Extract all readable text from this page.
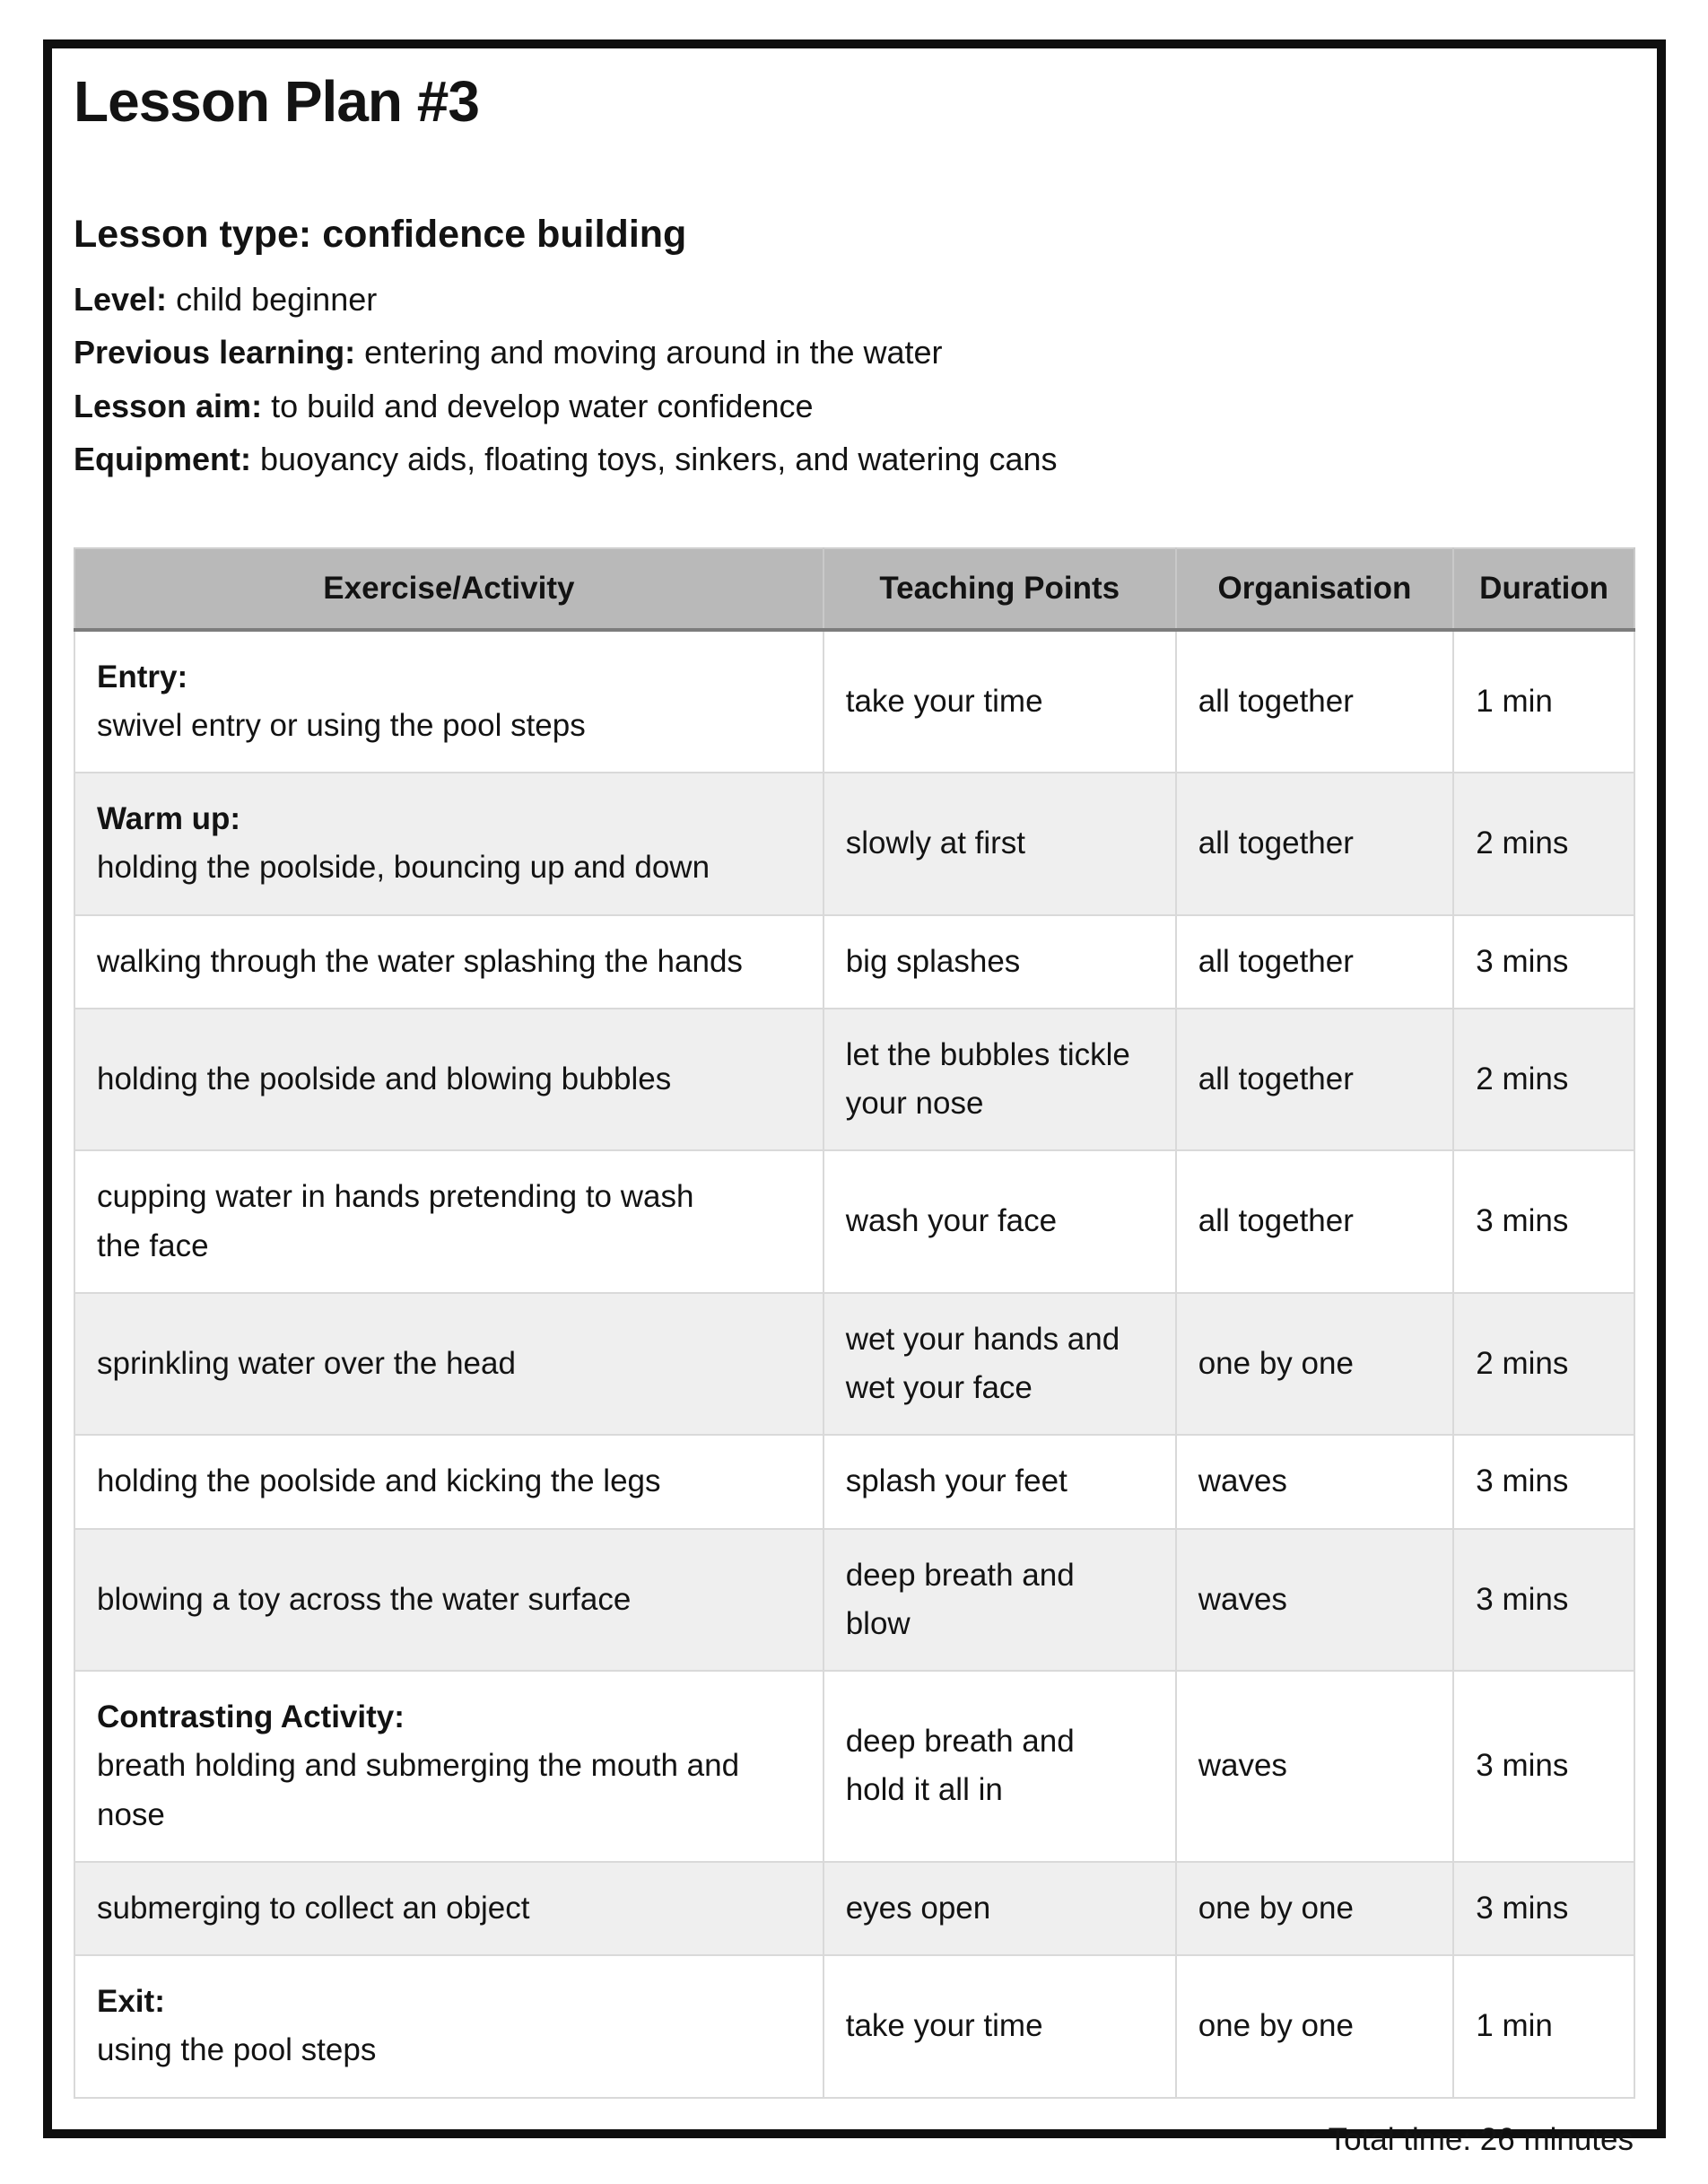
Lesson Plan #3
Lesson type: confidence building
Level: child beginner
Previous learning: entering and moving around in the water
Lesson aim: to build and develop water confidence
Equipment: buoyancy aids, floating toys, sinkers, and watering cans
Exercise/Activity	Teaching Points	Organisation	Duration

Entry:
swivel entry or using the pool steps	take your time	all together	1 min

Warm up:
holding the poolside, bouncing up and down	slowly at first	all together	2 mins

walking through the water splashing the hands	big splashes	all together	3 mins

holding the poolside and blowing bubbles	let the bubbles tickle your nose	all together	2 mins

cupping water in hands pretending to wash the face	wash your face	all together	3 mins

sprinkling water over the head	wet your hands and wet your face	one by one	2 mins

holding the poolside and kicking the legs	splash your feet	waves	3 mins

blowing a toy across the water surface	deep breath and blow	waves	3 mins

Contrasting Activity:
breath holding and submerging the mouth and nose	deep breath and hold it all in	waves	3 mins

submerging to collect an object	eyes open	one by one	3 mins

Exit:
using the pool steps	take your time	one by one	1 min
Total time: 26 minutes
